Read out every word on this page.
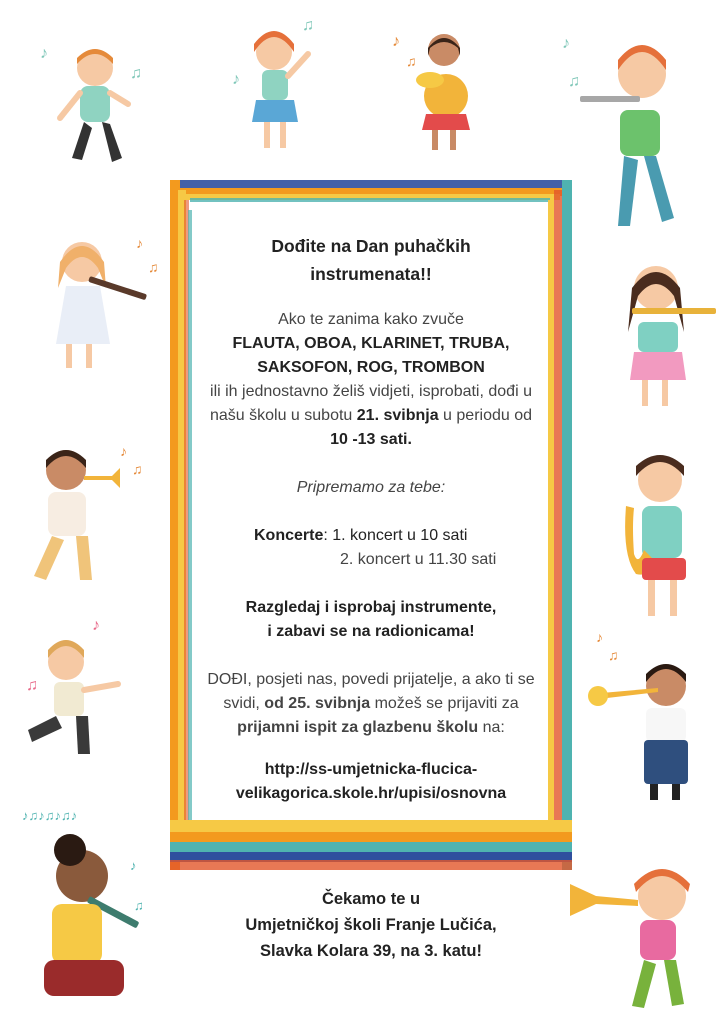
Dođite na Dan puhačkih
instrumenata!!

Ako te zanima kako zvuče
FLAUTA, OBOA, KLARINET, TRUBA,
SAKSOFON, ROG, TROMBON
ili ih jednostavno želiš vidjeti, isprobati, dođi u našu školu u subotu 21. svibnja u periodu od 10 -13 sati.

Pripremamo za tebe:

Koncerte: 1. koncert u 10 sati
2. koncert u 11.30 sati

Razgledaj i isprobaj instrumente,
i zabavi se na radionicama!

DOĐI, posjeti nas, povedi prijatelje, a ako ti se svidi, od 25. svibnja možeš se prijaviti za prijamni ispit za glazbenu školu na:

http://ss-umjetnicka-flucica-
velikagorica.skole.hr/upisi/osnovna

Čekamo te u
Umjetničkoj školi Franje Lučića,
Slavka Kolara 39, na 3. katu!
♪
♫
♫
♪
♪
♫
♪
♫
♪
♫
♪
♫
♪
♫
♪♫♪♫♪♫♪
♪
♫
♪
♫
